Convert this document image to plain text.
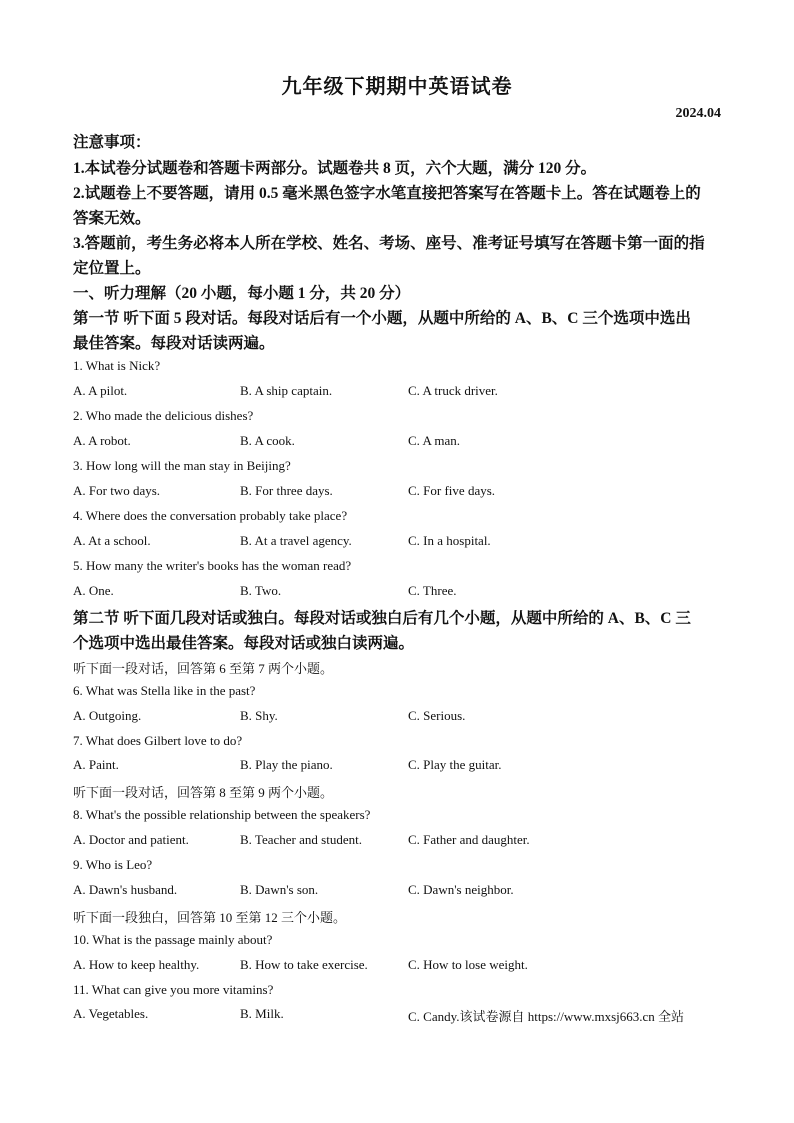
九年级下期期中英语试卷
2024.04
注意事项：
1.本试卷分试题卷和答题卡两部分。试题卷共 8 页，六个大题，满分 120 分。
2.试题卷上不要答题，请用 0.5 毫米黑色签字水笔直接把答案写在答题卡上。答在试题卷上的
答案无效。
3.答题前，考生务必将本人所在学校、姓名、考场、座号、准考证号填写在答题卡第一面的指
定位置上。
一、听力理解（20 小题，每小题 1 分，共 20 分）
第一节 听下面 5 段对话。每段对话后有一个小题，从题中所给的 A、B、C 三个选项中选出
最佳答案。每段对话读两遍。
1. What is Nick?
A. A pilot.	B. A ship captain.	C. A truck driver.
2. Who made the delicious dishes?
A. A robot.	B. A cook.	C. A man.
3. How long will the man stay in Beijing?
A. For two days.	B. For three days.	C. For five days.
4. Where does the conversation probably take place?
A. At a school.	B. At a travel agency.	C. In a hospital.
5. How many the writer's books has the woman read?
A. One.	B. Two.	C. Three.
第二节 听下面几段对话或独白。每段对话或独白后有几个小题，从题中所给的 A、B、C 三
个选项中选出最佳答案。每段对话或独白读两遍。
听下面一段对话，回答第 6 至第 7 两个小题。
6. What was Stella like in the past?
A. Outgoing.	B. Shy.	C. Serious.
7. What does Gilbert love to do?
A. Paint.	B. Play the piano.	C. Play the guitar.
听下面一段对话，回答第 8 至第 9 两个小题。
8. What's the possible relationship between the speakers?
A. Doctor and patient.	B. Teacher and student.	C. Father and daughter.
9. Who is Leo?
A. Dawn's husband.	B. Dawn's son.	C. Dawn's neighbor.
听下面一段独白，回答第 10 至第 12 三个小题。
10. What is the passage mainly about?
A. How to keep healthy.	B. How to take exercise.	C. How to lose weight.
11. What can give you more vitamins?
A. Vegetables.	B. Milk.	C. Candy.该试卷源自 https://www.mxsj663.cn 全站
